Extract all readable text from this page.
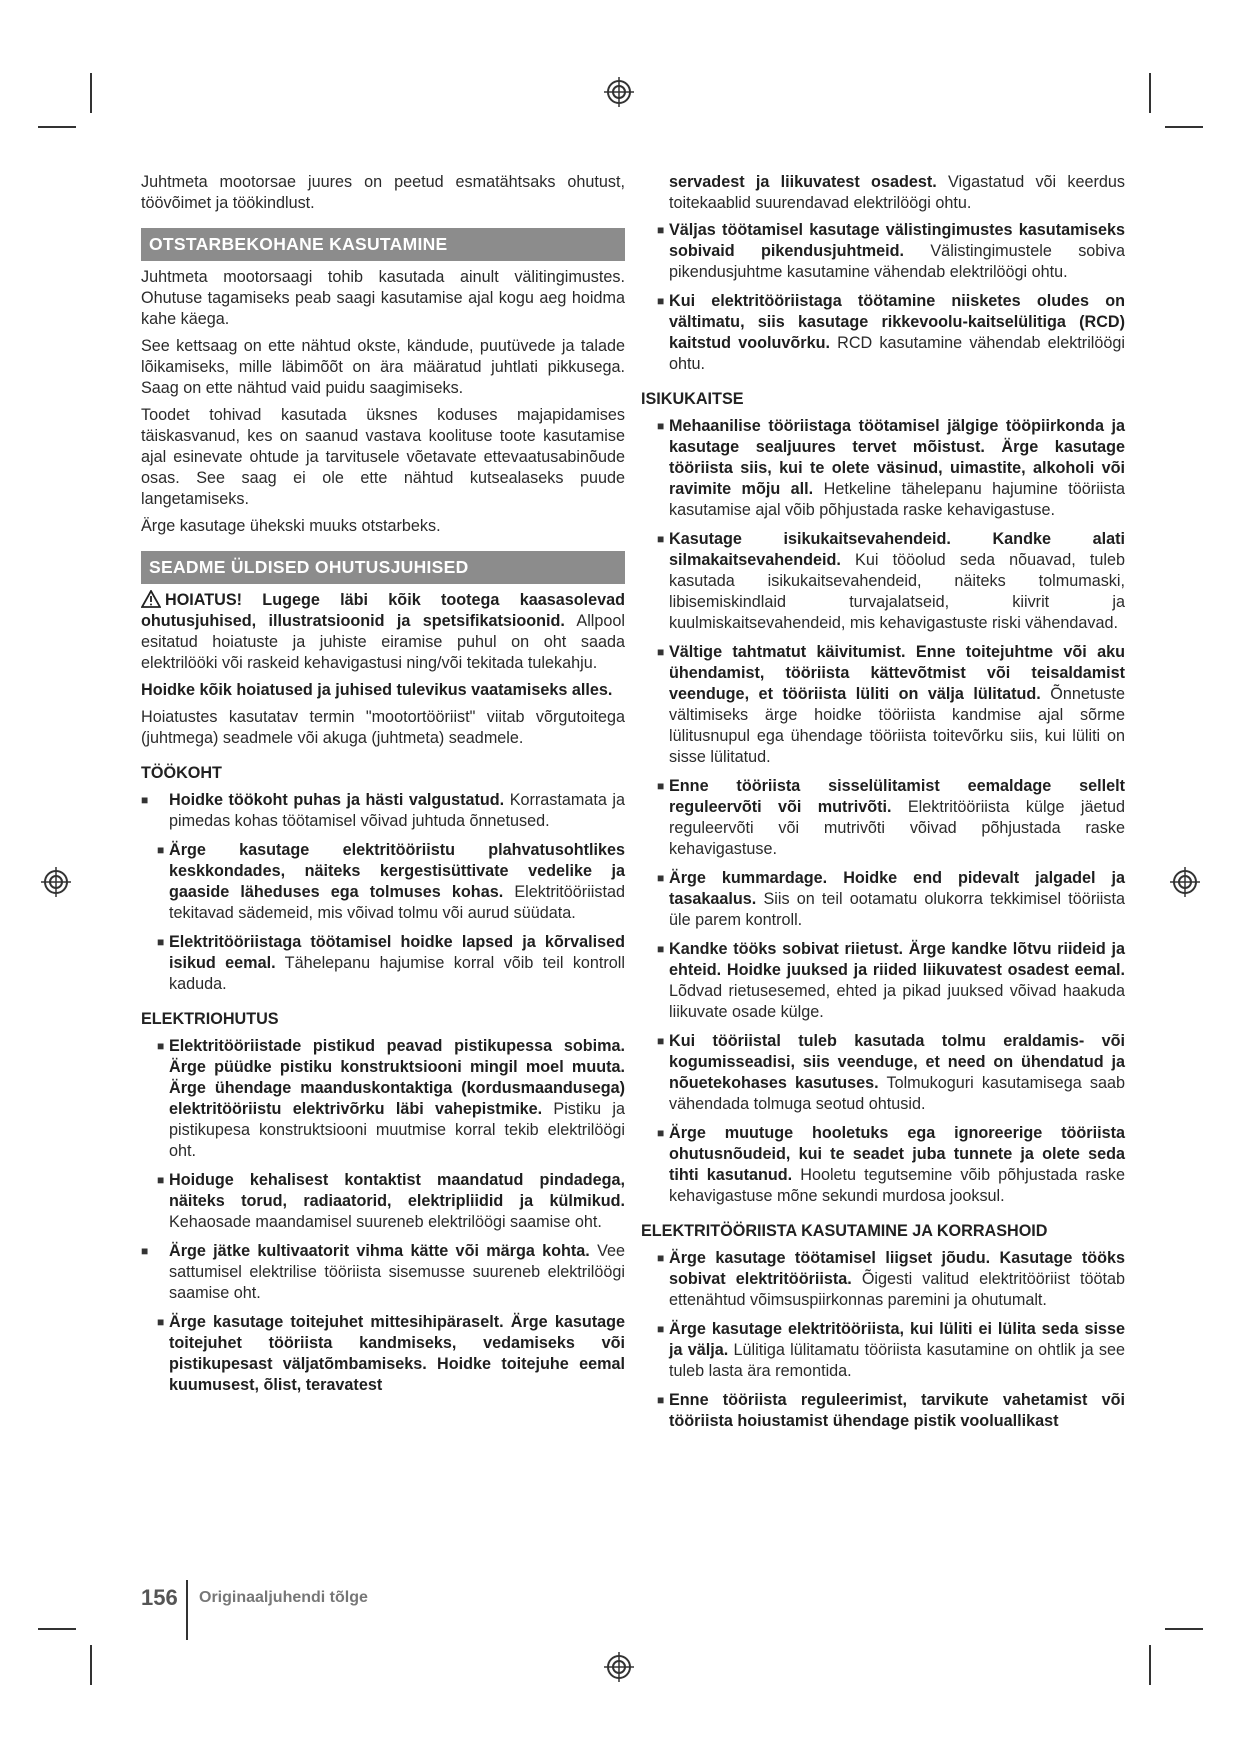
Juhtmeta mootorsae juures on peetud esmatähtsaks ohutust, töövõimet ja töökindlust.

OTSTARBEKOHANE KASUTAMINE

Juhtmeta mootorsaagi tohib kasutada ainult välitingimustes. Ohutuse tagamiseks peab saagi kasutamise ajal kogu aeg hoidma kahe käega.

See kettsaag on ette nähtud okste, kändude, puutüvede ja talade lõikamiseks, mille läbimõõt on ära määratud juhtlati pikkusega. Saag on ette nähtud vaid puidu saagimiseks.

Toodet tohivad kasutada üksnes koduses majapidamises täiskasvanud, kes on saanud vastava koolituse toote kasutamise ajal esinevate ohtude ja tarvitusele võetavate ettevaatusabinõude osas. See saag ei ole ette nähtud kutsealaseks puude langetamiseks.

Ärge kasutage ühekski muuks otstarbeks.

SEADME ÜLDISED OHUTUSJUHISED

HOIATUS! Lugege läbi kõik tootega kaasasolevad ohutusjuhised, illustratsioonid ja spetsifikatsioonid. Allpool esitatud hoiatuste ja juhiste eiramise puhul on oht saada elektrilööki või raskeid kehavigastusi ning/või tekitada tulekahju.

Hoidke kõik hoiatused ja juhised tulevikus vaatamiseks alles.

Hoiatustes kasutatav termin "mootortööriist" viitab võrgutoitega (juhtmega) seadmele või akuga (juhtmeta) seadmele.

TÖÖKOHT
■ Hoidke töökoht puhas ja hästi valgustatud. Korrastamata ja pimedas kohas töötamisel võivad juhtuda õnnetused.
■ Ärge kasutage elektritööriistu plahvatusohtlikes keskkondades, näiteks kergestisüttivate vedelike ja gaaside läheduses ega tolmuses kohas. Elektritööriistad tekitavad sädemeid, mis võivad tolmu või aurud süüdata.
■ Elektritööriistaga töötamisel hoidke lapsed ja kõrvalised isikud eemal. Tähelepanu hajumise korral võib teil kontroll kaduda.
ELEKTRIOHUTUS
■ Elektritööriistade pistikud peavad pistikupessa sobima. Ärge püüdke pistiku konstruktsiooni mingil moel muuta. Ärge ühendage maanduskontaktiga (kordusmaandusega) elektritööriistu elektrivõrku läbi vahepistmike. Pistiku ja pistikupesa konstruktsiooni muutmise korral tekib elektrilöögi oht.
■ Hoiduge kehalisest kontaktist maandatud pindadega, näiteks torud, radiaatorid, elektripliidid ja külmikud. Kehaosade maandamisel suureneb elektrilöögi saamise oht.
■ Ärge jätke kultivaatorit vihma kätte või märga kohta. Vee sattumisel elektrilise tööriista sisemusse suureneb elektrilöögi saamise oht.
■ Ärge kasutage toitejuhet mittesihipäraselt. Ärge kasutage toitejuhet tööriista kandmiseks, vedamiseks või pistikupesast väljatõmbamiseks. Hoidke toitejuhe eemal kuumusest, õlist, teravatest

servadest ja liikuvatest osadest. Vigastatud või keerdus toitekaablid suurendavad elektrilöögi ohtu.

■ Väljas töötamisel kasutage välistingimustes kasutamiseks sobivaid pikendusjuhtmeid. Välistingimustele sobiva pikendusjuhtme kasutamine vähendab elektrilöögi ohtu.
■ Kui elektritööriistaga töötamine niisketes oludes on vältimatu, siis kasutage rikkevoolu-kaitselülitiga (RCD) kaitstud vooluvõrku. RCD kasutamine vähendab elektrilöögi ohtu.
ISIKUKAITSE
■ Mehaanilise tööriistaga töötamisel jälgige tööpiirkonda ja kasutage sealjuures tervet mõistust. Ärge kasutage tööriista siis, kui te olete väsinud, uimastite, alkoholi või ravimite mõju all. Hetkeline tähelepanu hajumine tööriista kasutamise ajal võib põhjustada raske kehavigastuse.
■ Kasutage isikukaitsevahendeid. Kandke alati silmakaitsevahendeid. Kui tööolud seda nõuavad, tuleb kasutada isikukaitsevahendeid, näiteks tolmumaski, libisemiskindlaid turvajalatseid, kiivrit ja kuulmiskaitsevahendeid, mis kehavigastuste riski vähendavad.
■ Vältige tahtmatut käivitumist. Enne toitejuhtme või aku ühendamist, tööriista kättevõtmist või teisaldamist veenduge, et tööriista lüliti on välja lülitatud. Õnnetuste vältimiseks ärge hoidke tööriista kandmise ajal sõrme lülitusnupul ega ühendage tööriista toitevõrku siis, kui lüliti on sisse lülitatud.
■ Enne tööriista sisselülitamist eemaldage sellelt reguleervõti või mutrivõti. Elektritööriista külge jäetud reguleervõti või mutrivõti võivad põhjustada raske kehavigastuse.
■ Ärge kummardage. Hoidke end pidevalt jalgadel ja tasakaalus. Siis on teil ootamatu olukorra tekkimisel tööriista üle parem kontroll.
■ Kandke tööks sobivat riietust. Ärge kandke lõtvu riideid ja ehteid. Hoidke juuksed ja riided liikuvatest osadest eemal. Lõdvad rietusesemed, ehted ja pikad juuksed võivad haakuda liikuvate osade külge.
■ Kui tööriistal tuleb kasutada tolmu eraldamis- või kogumisseadisi, siis veenduge, et need on ühendatud ja nõuetekohases kasutuses. Tolmukoguri kasutamisega saab vähendada tolmuga seotud ohtusid.
■ Ärge muutuge hooletuks ega ignoreerige tööriista ohutusnõudeid, kui te seadet juba tunnete ja olete seda tihti kasutanud. Hooletu tegutsemine võib põhjustada raske kehavigastuse mõne sekundi murdosa jooksul.
ELEKTRITÖÖRIISTA KASUTAMINE JA KORRASHOID
■ Ärge kasutage töötamisel liigset jõudu. Kasutage tööks sobivat elektritööriista. Õigesti valitud elektritööriist töötab ettenähtud võimsuspiirkonnas paremini ja ohutumalt.
■ Ärge kasutage elektritööriista, kui lüliti ei lülita seda sisse ja välja. Lülitiga lülitamatu tööriista kasutamine on ohtlik ja see tuleb lasta ära remontida.
■ Enne tööriista reguleerimist, tarvikute vahetamist või tööriista hoiustamist ühendage pistik vooluallikast
156 Originaaljuhendi tõlge
